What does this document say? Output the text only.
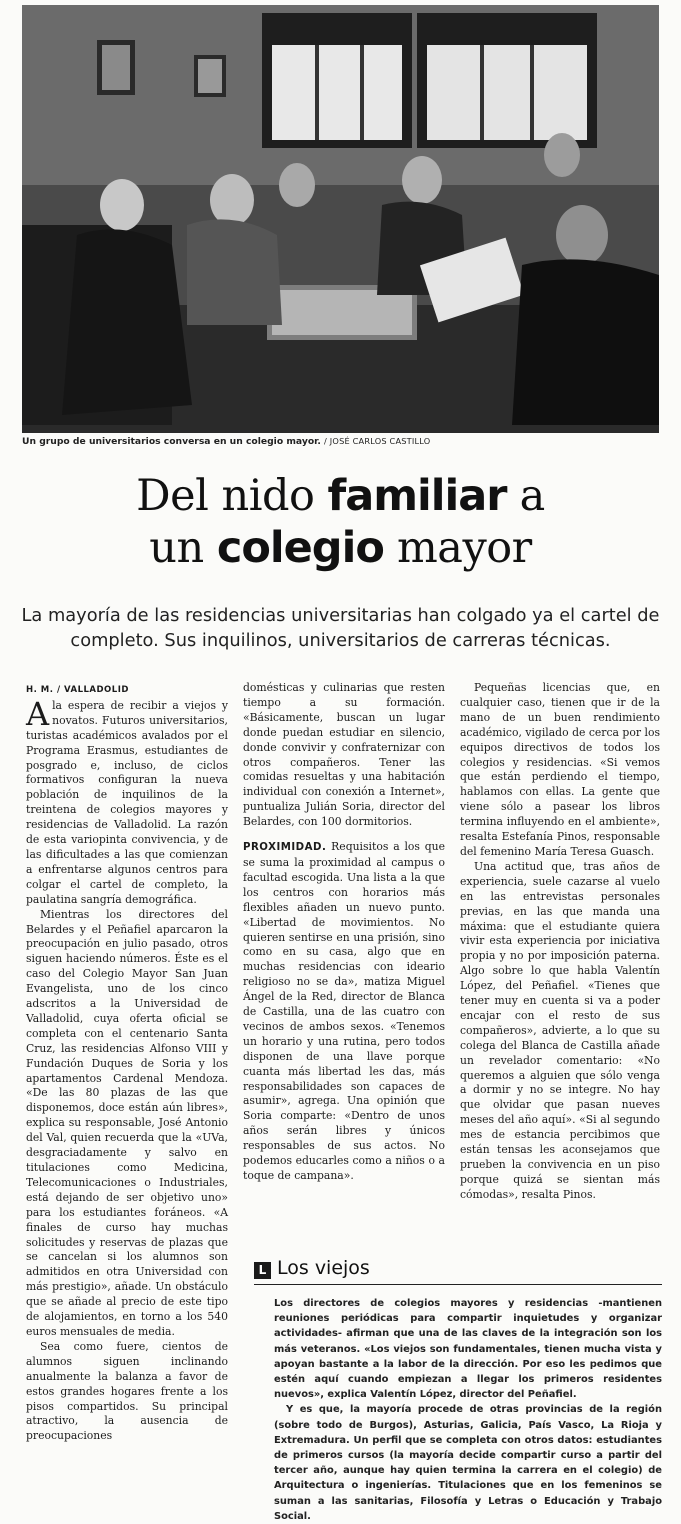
Un grupo de universitarios conversa en un colegio mayor. / JOSÉ CARLOS CASTILLO
Del nido familiar a
un colegio mayor
La mayoría de las residencias universitarias han colgado ya el cartel de completo. Sus inquilinos, universitarios de carreras técnicas.
H. M. / VALLADOLID

Ala espera de recibir a viejos y novatos. Futuros universitarios, turistas académicos avalados por el Programa Erasmus, estudiantes de posgrado e, incluso, de ciclos formativos configuran la nueva población de inquilinos de la treintena de colegios mayores y residencias de Valladolid. La razón de esta variopinta convivencia, y de las dificultades a las que comienzan a enfrentarse algunos centros para colgar el cartel de completo, la paulatina sangría demográfica.

Mientras los directores del Belardes y el Peñafiel aparcaron la preocupación en julio pasado, otros siguen haciendo números. Éste es el caso del Colegio Mayor San Juan Evangelista, uno de los cinco adscritos a la Universidad de Valladolid, cuya oferta oficial se completa con el centenario Santa Cruz, las residencias Alfonso VIII y Fundación Duques de Soria y los apartamentos Cardenal Mendoza. «De las 80 plazas de las que disponemos, doce están aún libres», explica su responsable, José Antonio del Val, quien recuerda que la «UVa, desgraciadamente y salvo en titulaciones como Medicina, Telecomunicaciones o Industriales, está dejando de ser objetivo uno» para los estudiantes foráneos. «A finales de curso hay muchas solicitudes y reservas de plazas que se cancelan si los alumnos son admitidos en otra Universidad con más prestigio», añade. Un obstáculo que se añade al precio de este tipo de alojamientos, en torno a los 540 euros mensuales de media.

Sea como fuere, cientos de alumnos siguen inclinando anualmente la balanza a favor de estos grandes hogares frente a los pisos compartidos. Su principal atractivo, la ausencia de preocupaciones

domésticas y culinarias que resten tiempo a su formación. «Básicamente, buscan un lugar donde puedan estudiar en silencio, donde convivir y confraternizar con otros compañeros. Tener las comidas resueltas y una habitación individual con conexión a Internet», puntualiza Julián Soria, director del Belardes, con 100 dormitorios.

PROXIMIDAD. Requisitos a los que se suma la proximidad al campus o facultad escogida. Una lista a la que los centros con horarios más flexibles añaden un nuevo punto. «Libertad de movimientos. No quieren sentirse en una prisión, sino como en su casa, algo que en muchas residencias con ideario religioso no se da», matiza Miguel Ángel de la Red, director de Blanca de Castilla, una de las cuatro con vecinos de ambos sexos. «Tenemos un horario y una rutina, pero todos disponen de una llave porque cuanta más libertad les das, más responsabilidades son capaces de asumir», agrega. Una opinión que Soria comparte: «Dentro de unos años serán libres y únicos responsables de sus actos. No podemos educarles como a niños o a toque de campana».

Pequeñas licencias que, en cualquier caso, tienen que ir de la mano de un buen rendimiento académico, vigilado de cerca por los equipos directivos de todos los colegios y residencias. «Si vemos que están perdiendo el tiempo, hablamos con ellas. La gente que viene sólo a pasear los libros termina influyendo en el ambiente», resalta Estefanía Pinos, responsable del femenino María Teresa Guasch.

Una actitud que, tras años de experiencia, suele cazarse al vuelo en las entrevistas personales previas, en las que manda una máxima: que el estudiante quiera vivir esta experiencia por iniciativa propia y no por imposición paterna. Algo sobre lo que habla Valentín López, del Peñafiel. «Tienes que tener muy en cuenta si va a poder encajar con el resto de sus compañeros», advierte, a lo que su colega del Blanca de Castilla añade un revelador comentario: «No queremos a alguien que sólo venga a dormir y no se integre. No hay que olvidar que pasan nueves meses del año aquí». «Si al segundo mes de estancia percibimos que están tensas les aconsejamos que prueben la convivencia en un piso porque quizá se sientan más cómodas», resalta Pinos.

L Los viejos

Los directores de colegios mayores y residencias -mantienen reuniones periódicas para compartir inquietudes y organizar actividades- afirman que una de las claves de la integración son los más veteranos. «Los viejos son fundamentales, tienen mucha vista y apoyan bastante a la labor de la dirección. Por eso les pedimos que estén aquí cuando empiezan a llegar los primeros residentes nuevos», explica Valentín López, director del Peñafiel.

Y es que, la mayoría procede de otras provincias de la región (sobre todo de Burgos), Asturias, Galicia, País Vasco, La Rioja y Extremadura. Un perfil que se completa con otros datos: estudiantes de primeros cursos (la mayoría decide compartir curso a partir del tercer año, aunque hay quien termina la carrera en el colegio) de Arquitectura o ingenierías. Titulaciones que en los femeninos se suman a las sanitarias, Filosofía y Letras o Educación y Trabajo Social.
